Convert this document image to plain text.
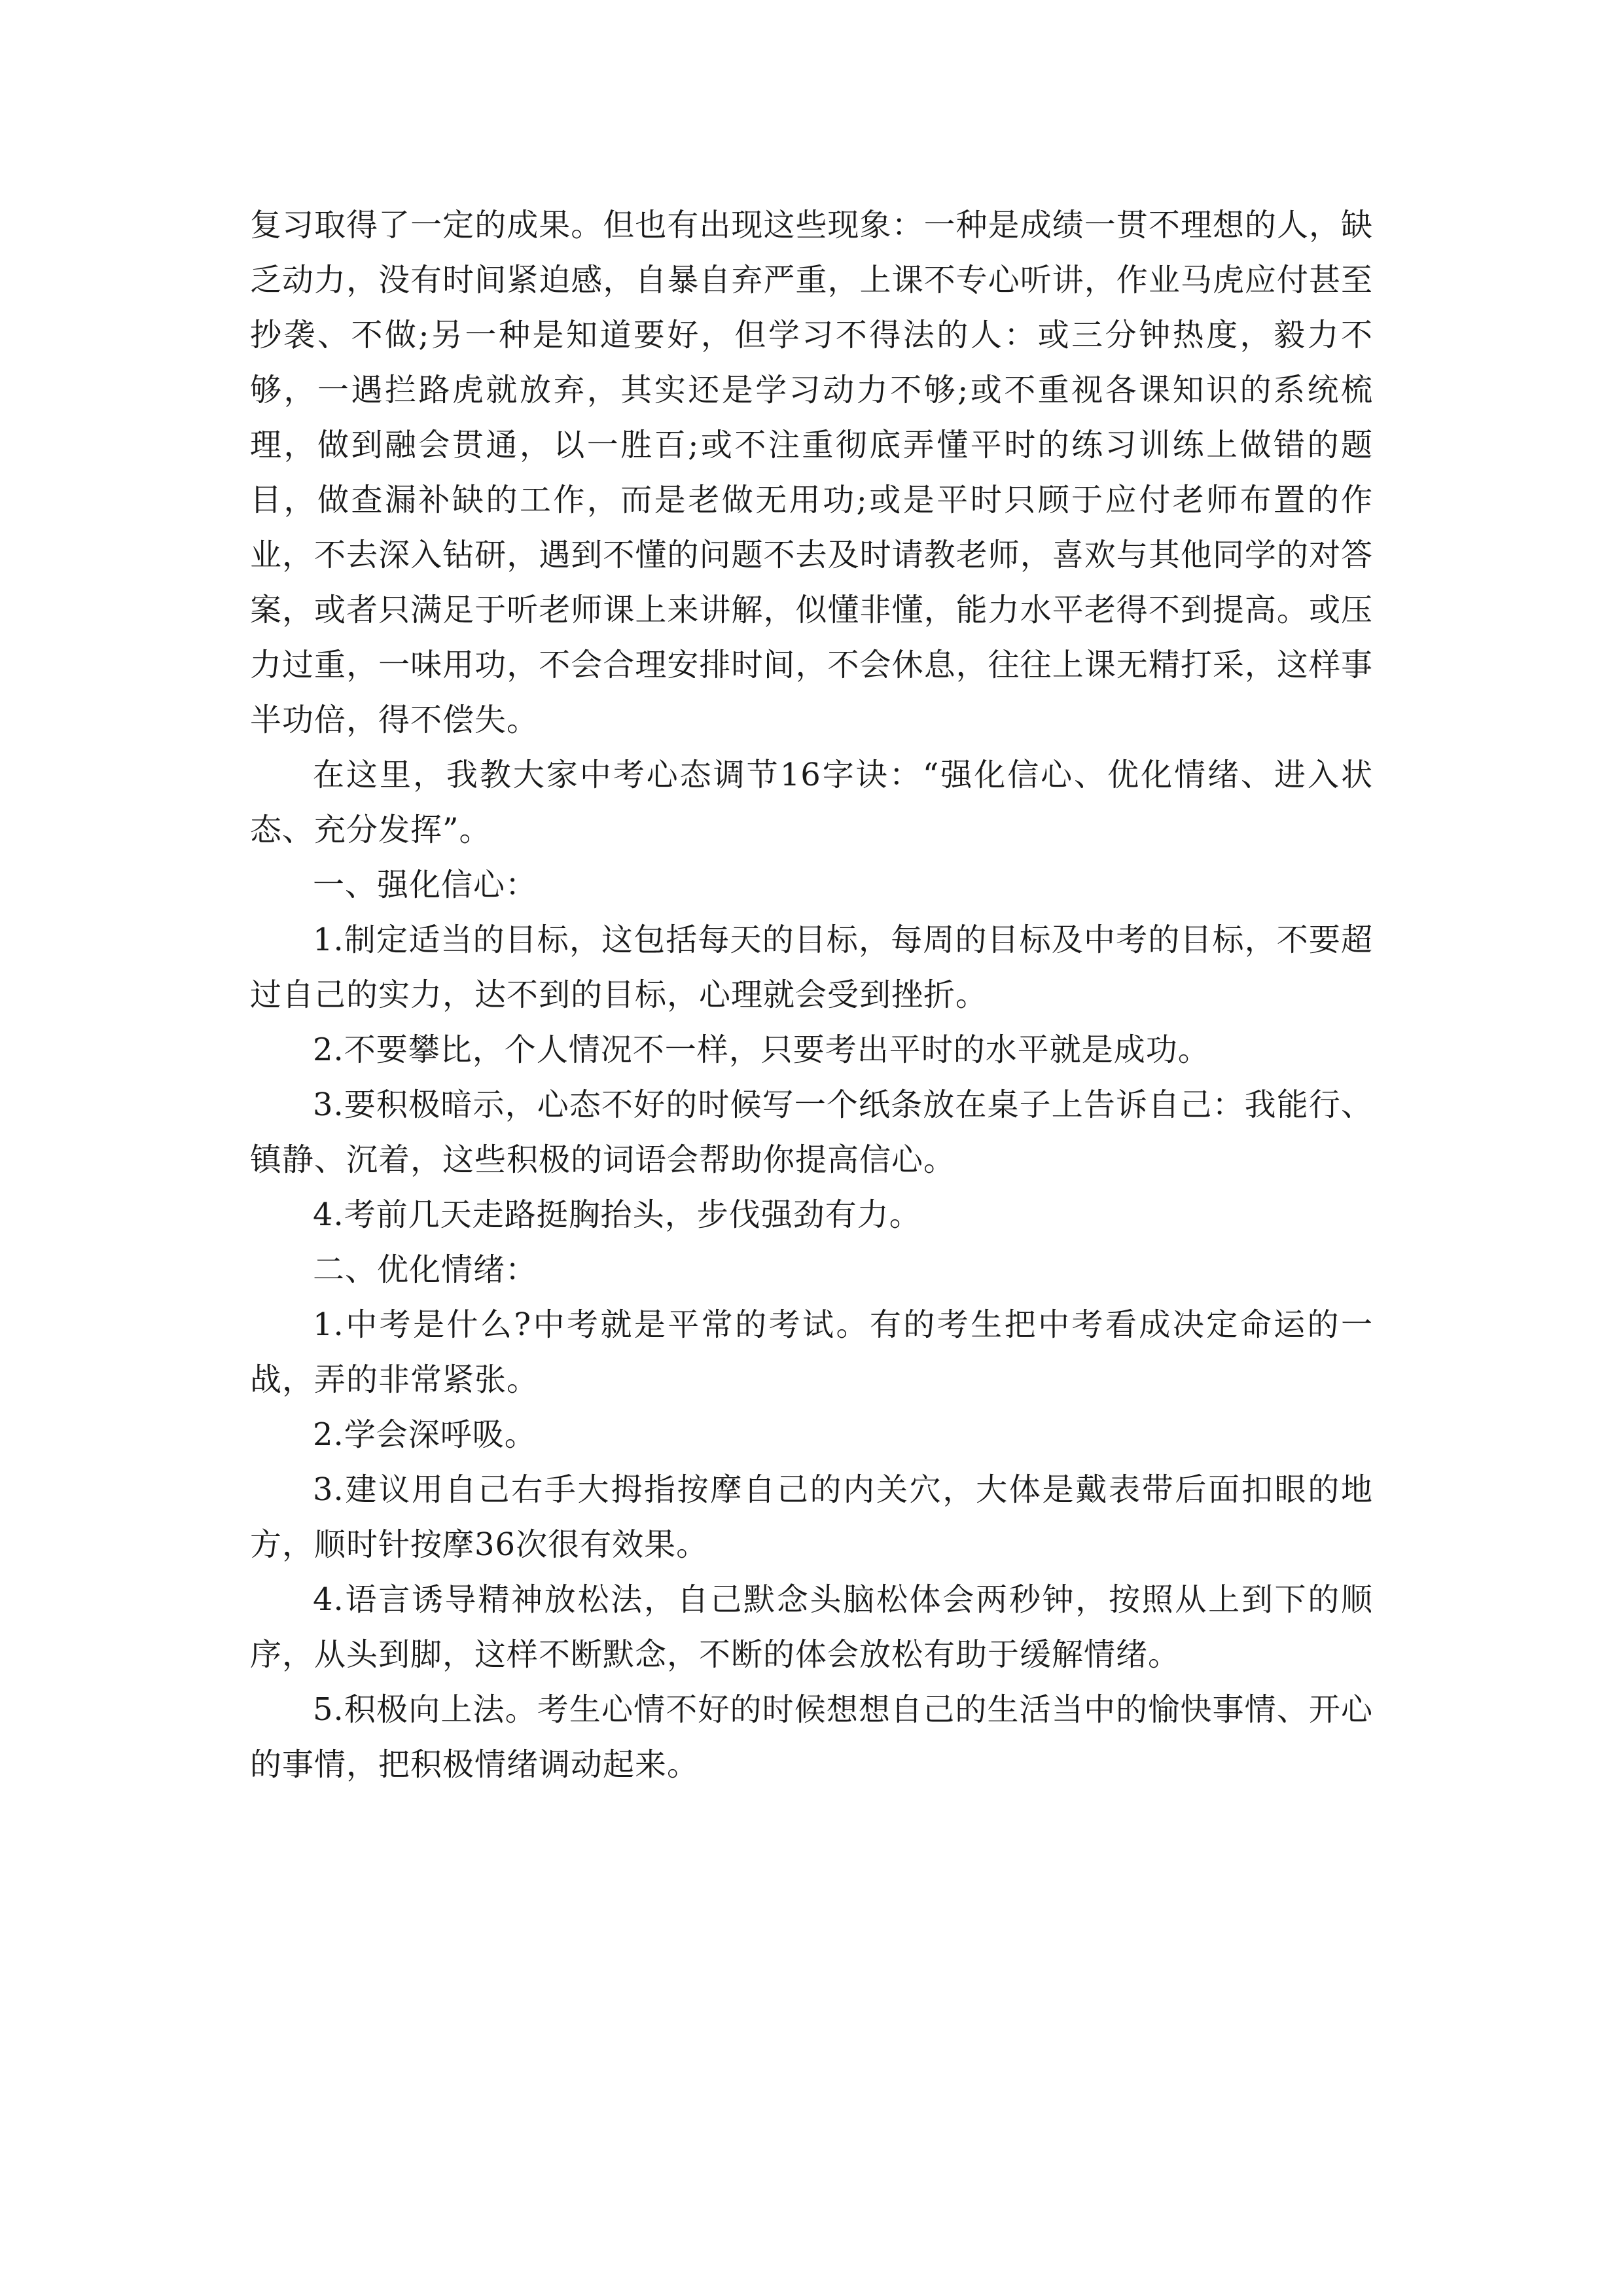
复习取得了一定的成果。但也有出现这些现象：一种是成绩一贯不理想的人，缺乏动力，没有时间紧迫感，自暴自弃严重，上课不专心听讲，作业马虎应付甚至抄袭、不做;另一种是知道要好，但学习不得法的人：或三分钟热度，毅力不够，一遇拦路虎就放弃，其实还是学习动力不够;或不重视各课知识的系统梳理，做到融会贯通，以一胜百;或不注重彻底弄懂平时的练习训练上做错的题目，做查漏补缺的工作，而是老做无用功;或是平时只顾于应付老师布置的作业，不去深入钻研，遇到不懂的问题不去及时请教老师，喜欢与其他同学的对答案，或者只满足于听老师课上来讲解，似懂非懂，能力水平老得不到提高。或压力过重，一味用功，不会合理安排时间，不会休息，往往上课无精打采，这样事半功倍，得不偿失。

在这里，我教大家中考心态调节16字诀：“强化信心、优化情绪、进入状态、充分发挥”。

一、强化信心：

1.制定适当的目标，这包括每天的目标，每周的目标及中考的目标，不要超过自己的实力，达不到的目标，心理就会受到挫折。

2.不要攀比，个人情况不一样，只要考出平时的水平就是成功。

3.要积极暗示，心态不好的时候写一个纸条放在桌子上告诉自己：我能行、镇静、沉着，这些积极的词语会帮助你提高信心。

4.考前几天走路挺胸抬头，步伐强劲有力。

二、优化情绪：

1.中考是什么?中考就是平常的考试。有的考生把中考看成决定命运的一战，弄的非常紧张。

2.学会深呼吸。

3.建议用自己右手大拇指按摩自己的内关穴，大体是戴表带后面扣眼的地方，顺时针按摩36次很有效果。

4.语言诱导精神放松法，自己默念头脑松体会两秒钟，按照从上到下的顺序，从头到脚，这样不断默念，不断的体会放松有助于缓解情绪。

5.积极向上法。考生心情不好的时候想想自己的生活当中的愉快事情、开心的事情，把积极情绪调动起来。
